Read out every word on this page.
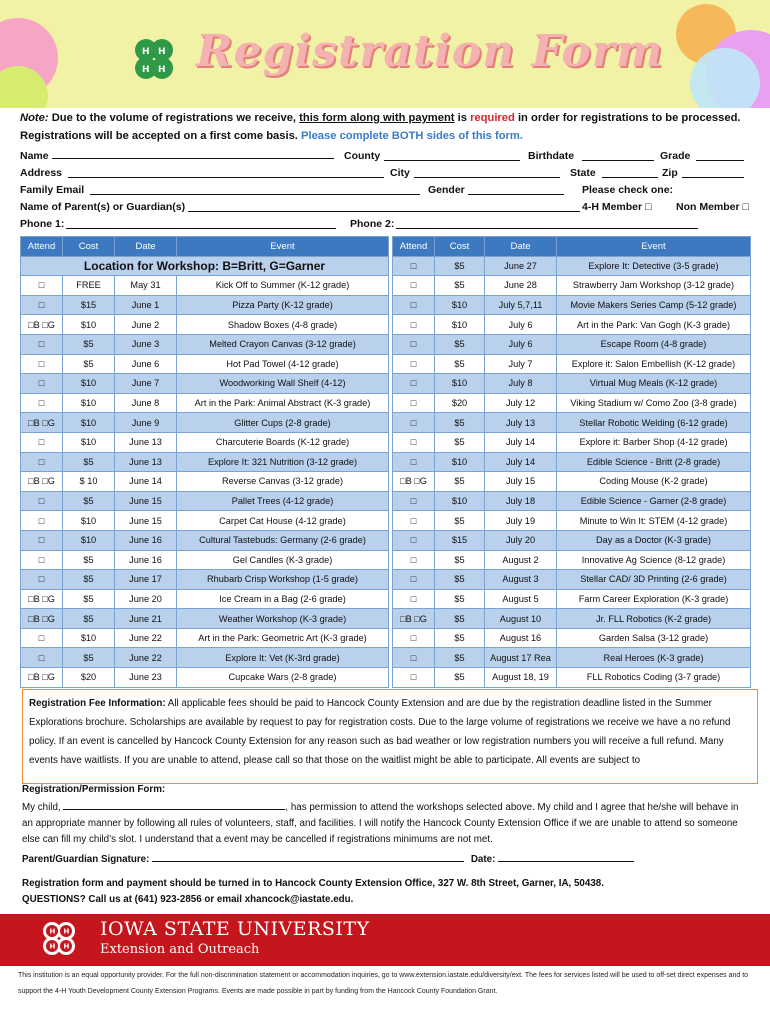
H H
H H Registration Form
Note: Due to the volume of registrations we receive, this form along with payment is required in order for registrations to be processed.
Registrations will be accepted on a first come basis. Please complete BOTH sides of this form.
Name	County	Birthdate	Grade
Address	City	State	Zip
Family Email	Gender	Please check one:
Name of Parent(s) or Guardian(s)	4-H Member □ Non Member □
Phone 1:	Phone 2:
Attend	Cost	Date	Event		Attend	Cost	Date	Event
Location for Workshop: B=Britt, G=Garner					□	$5	June 27	Explore It: Detective (3-5 grade)
□	FREE	May 31	Kick Off to Summer (K-12 grade)		□	$5	June 28	Strawberry Jam Workshop (3-12 grade)
□	$15	June 1	Pizza Party (K-12 grade)		□	$10	July 5,7,11	Movie Makers Series Camp (5-12 grade)
□B □G	$10	June 2	Shadow Boxes (4-8 grade)		□	$10	July 6	Art in the Park: Van Gogh (K-3 grade)
□	$5	June 3	Melted Crayon Canvas (3-12 grade)		□	$5	July 6	Escape Room (4-8 grade)
□	$5	June 6	Hot Pad Towel (4-12 grade)		□	$5	July 7	Explore it: Salon Embellish (K-12 grade)
□	$10	June 7	Woodworking Wall Shelf (4-12)		□	$10	July 8	Virtual Mug Meals (K-12 grade)
□	$10	June 8	Art in the Park: Animal Abstract (K-3 grade)		□	$20	July 12	Viking Stadium w/ Como Zoo (3-8 grade)
□B □G	$10	June 9	Glitter Cups (2-8 grade)		□	$5	July 13	Stellar Robotic Welding (6-12 grade)
□	$10	June 13	Charcuterie Boards (K-12 grade)		□	$5	July 14	Explore it: Barber Shop (4-12 grade)
□	$5	June 13	Explore It: 321 Nutrition (3-12 grade)		□	$10	July 14	Edible Science - Britt (2-8 grade)
□B □G	$ 10	June 14	Reverse Canvas (3-12 grade)		□B □G	$5	July 15	Coding Mouse (K-2 grade)
□	$5	June 15	Pallet Trees (4-12 grade)		□	$10	July 18	Edible Science - Garner (2-8 grade)
□	$10	June 15	Carpet Cat House (4-12 grade)		□	$5	July 19	Minute to Win It: STEM (4-12 grade)
□	$10	June 16	Cultural Tastebuds: Germany (2-6 grade)		□	$15	July 20	Day as a Doctor (K-3 grade)
□	$5	June 16	Gel Candles (K-3 grade)		□	$5	August 2	Innovative Ag Science (8-12 grade)
□	$5	June 17	Rhubarb Crisp Workshop (1-5 grade)		□	$5	August 3	Stellar CAD/ 3D Printing (2-6 grade)
□B □G	$5	June 20	Ice Cream in a Bag (2-6 grade)		□	$5	August 5	Farm Career Exploration (K-3 grade)
□B □G	$5	June 21	Weather Workshop (K-3 grade)		□B □G	$5	August 10	Jr. FLL Robotics (K-2 grade)
□	$10	June 22	Art in the Park: Geometric Art (K-3 grade)		□	$5	August 16	Garden Salsa (3-12 grade)
□	$5	June 22	Explore It: Vet (K-3rd grade)		□	$5	August 17 Rea	Real Heroes (K-3 grade)
□B □G	$20	June 23	Cupcake Wars (2-8 grade)		□	$5	August 18, 19	FLL Robotics Coding (3-7 grade)
Registration Fee Information: All applicable fees should be paid to Hancock County Extension and are due by the registration deadline listed in the Summer Explorations brochure. Scholarships are available by request to pay for registration costs. Due to the large volume of registrations we receive we have a no refund policy. If an event is cancelled by Hancock County Extension for any reason such as bad weather or low registration numbers you will receive a full refund. Many events have waitlists. If you are unable to attend, please call so that those on the waitlist might be able to participate. All events are subject to
Registration/Permission Form:
My child,	, has permission to attend the workshops selected above. My child and I agree that he/she will behave in an appropriate manner by following all rules of volunteers, staff, and facilities. I will notify the Hancock County Extension Office if we are unable to attend so someone else can fill my child’s slot. I understand that a event may be cancelled if registrations minimums are not met.
Parent/Guardian Signature:	Date:
Registration form and payment should be turned in to Hancock County Extension Office, 327 W. 8th Street, Garner, IA, 50438.
QUESTIONS? Call us at (641) 923-2856 or email xhancock@iastate.edu.
H H
H H
IOWA STATE UNIVERSITY
Extension and Outreach
This institution is an equal opportunity provider. For the full non-discrimination statement or accommodation inquiries, go to www.extension.iastate.edu/diversity/ext. The fees for services listed will be used to off-set direct expenses and to support the 4-H Youth Development County Extension Programs. Events are made possible in part by funding from the Hancock County Foundation Grant.
